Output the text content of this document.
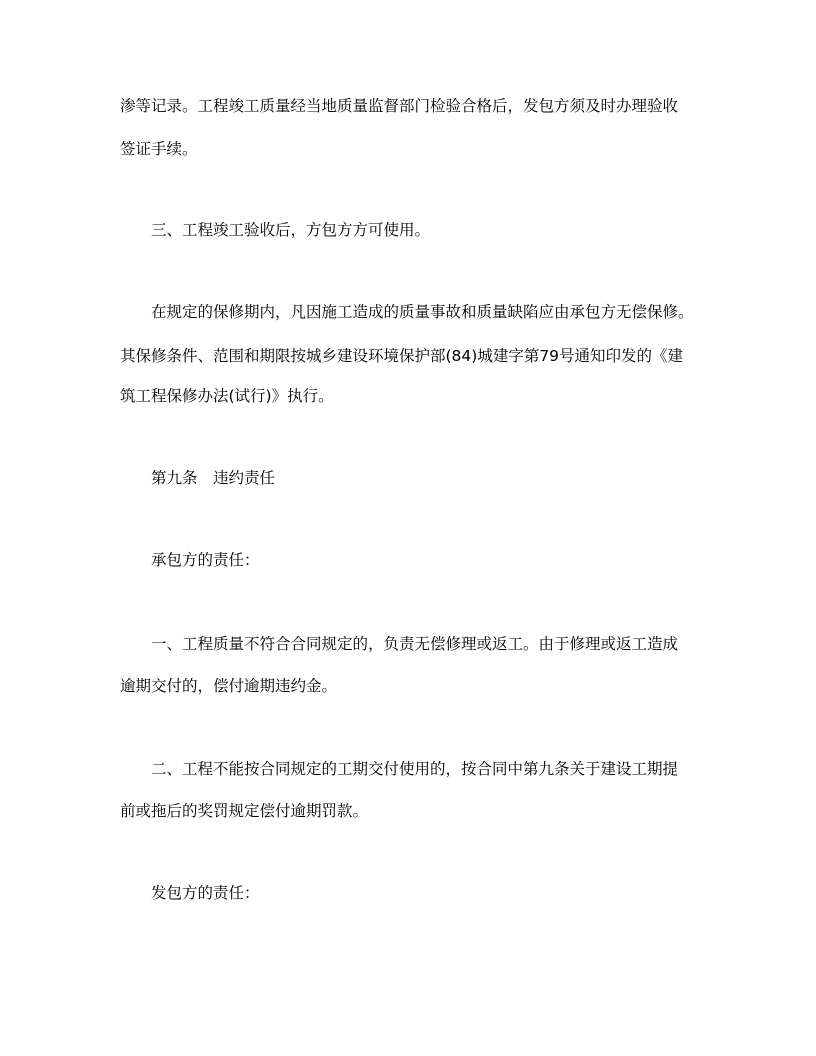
渗等记录。工程竣工质量经当地质量监督部门检验合格后，发包方须及时办理验收
签证手续。
三、工程竣工验收后，方包方方可使用。
在规定的保修期内，凡因施工造成的质量事故和质量缺陷应由承包方无偿保修。
其保修条件、范围和期限按城乡建设环境保护部(84)城建字第79号通知印发的《建
筑工程保修办法(试行)》执行。
第九条　违约责任
承包方的责任：
一、工程质量不符合合同规定的，负责无偿修理或返工。由于修理或返工造成
逾期交付的，偿付逾期违约金。
二、工程不能按合同规定的工期交付使用的，按合同中第九条关于建设工期提
前或拖后的奖罚规定偿付逾期罚款。
发包方的责任：
